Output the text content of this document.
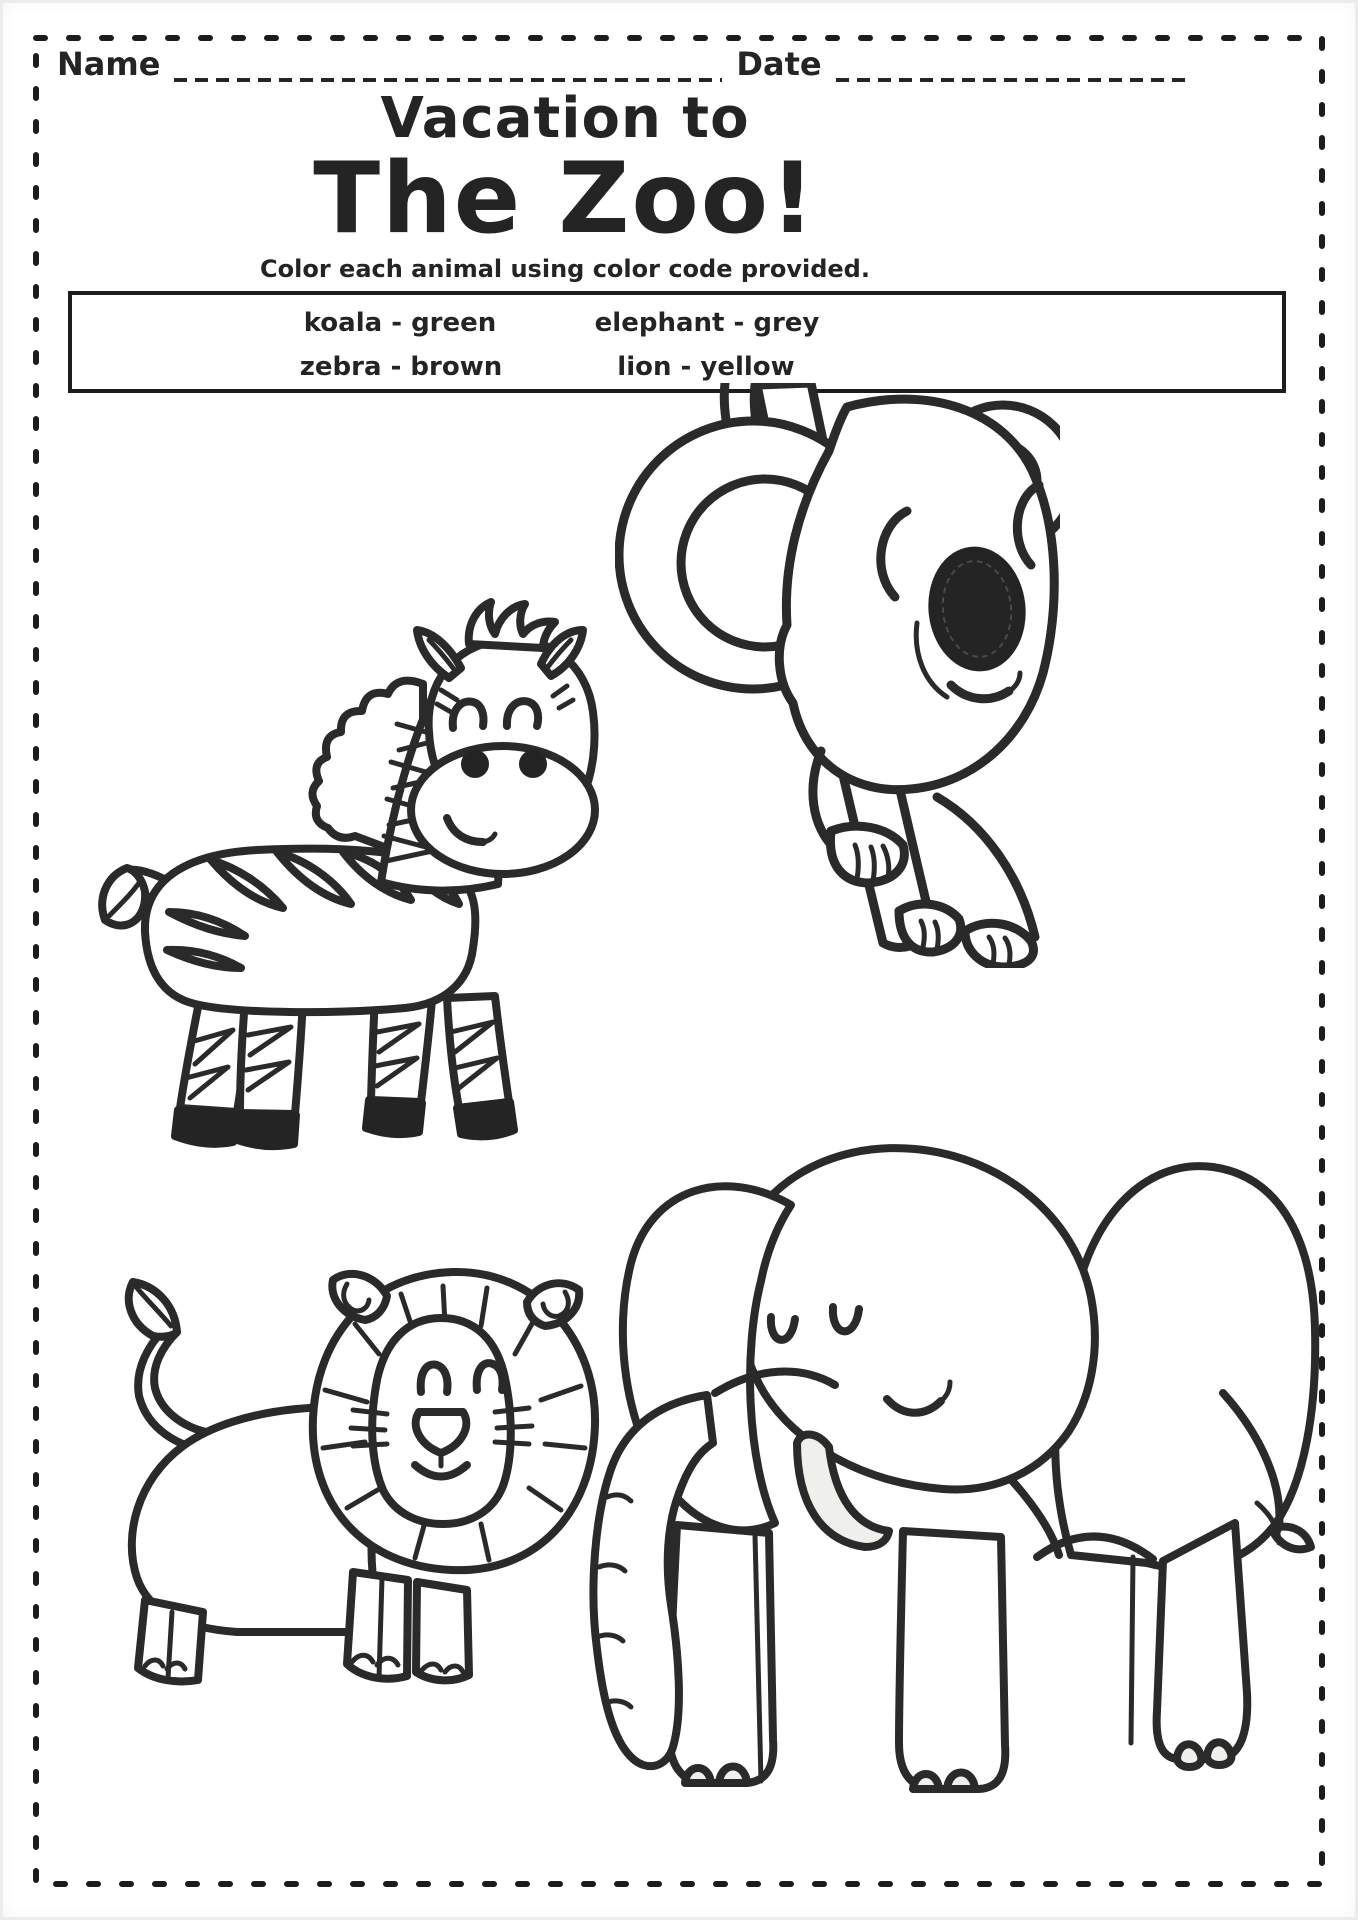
Name	Date
Vacation to
The Zoo!
Color each animal using color code provided.
koala - green	elephant - grey
zebra - brown	lion - yellow
